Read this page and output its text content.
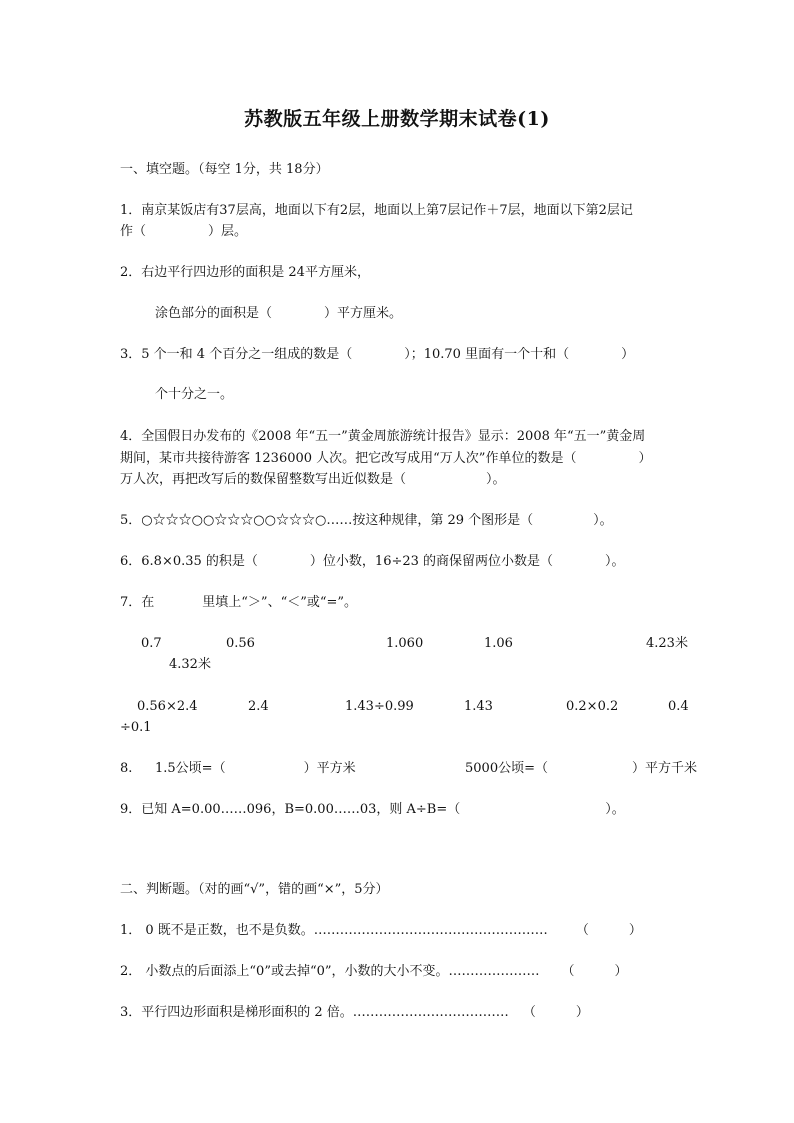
苏教版五年级上册数学期末试卷(1)
一、填空题。（每空 1分，共 18分）
1．南京某饭店有37层高，地面以下有2层，地面以上第7层记作＋7层，地面以下第2层记
作（	）层。
2．右边平行四边形的面积是 24平方厘米，
涂色部分的面积是（	）平方厘米。
3．5 个一和 4 个百分之一组成的数是（	）；10.70 里面有一个十和（	）
个十分之一。
4．全国假日办发布的《2008 年“五一”黄金周旅游统计报告》显示：2008 年“五一”黄金周
期间，某市共接待游客 1236000 人次。把它改写成用“万人次”作单位的数是（	）
万人次，再把改写后的数保留整数写出近似数是（	）。
5．○☆☆☆○○☆☆☆○○☆☆☆○……按这种规律，第 29 个图形是（	）。
6．6.8×0.35 的积是（	）位小数，16÷23 的商保留两位小数是（	）。
7．在	里填上“＞”、“＜”或“=”。
0.7	0.56	1.060	1.06	4.23米
4.32米
0.56×2.4	2.4	1.43÷0.99	1.43	0.2×0.2	0.4
÷0.1
8. 1.5公顷=（	）平方米	5000公顷=（	）平方千米
9．已知 A=0.00……096，B=0.00……03，则 A÷B=（	）。
二、判断题。（对的画“√”，错的画“×”，5分）
1． 0 既不是正数，也不是负数。……………………………………………… （	）
2． 小数点的后面添上“0”或去掉“0”，小数的大小不变。………………… （	）
3．平行四边形面积是梯形面积的 2 倍。……………………………… （	）
